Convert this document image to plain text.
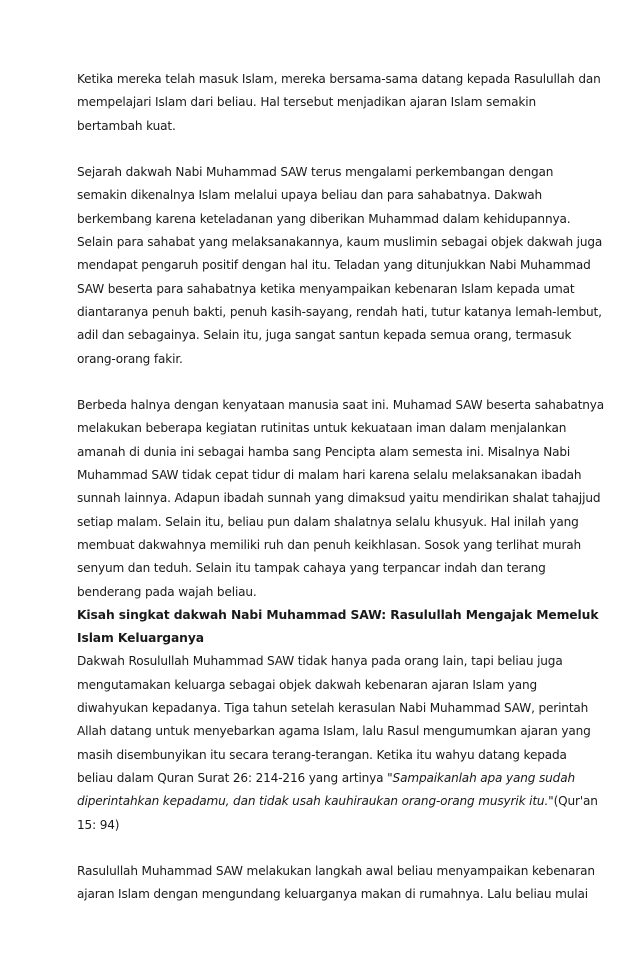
Ketika mereka telah masuk Islam, mereka bersama-sama datang kepada Rasulullah dan
mempelajari Islam dari beliau. Hal tersebut menjadikan ajaran Islam semakin
bertambah kuat.
Sejarah dakwah Nabi Muhammad SAW terus mengalami perkembangan dengan
semakin dikenalnya Islam melalui upaya beliau dan para sahabatnya. Dakwah
berkembang karena keteladanan yang diberikan Muhammad dalam kehidupannya.
Selain para sahabat yang melaksanakannya, kaum muslimin sebagai objek dakwah juga
mendapat pengaruh positif dengan hal itu. Teladan yang ditunjukkan Nabi Muhammad
SAW beserta para sahabatnya ketika menyampaikan kebenaran Islam kepada umat
diantaranya penuh bakti, penuh kasih-sayang, rendah hati, tutur katanya lemah-lembut,
adil dan sebagainya. Selain itu, juga sangat santun kepada semua orang, termasuk
orang-orang fakir.
Berbeda halnya dengan kenyataan manusia saat ini. Muhamad SAW beserta sahabatnya
melakukan beberapa kegiatan rutinitas untuk kekuataan iman dalam menjalankan
amanah di dunia ini sebagai hamba sang Pencipta alam semesta ini. Misalnya Nabi
Muhammad SAW tidak cepat tidur di malam hari karena selalu melaksanakan ibadah
sunnah lainnya. Adapun ibadah sunnah yang dimaksud yaitu mendirikan shalat tahajjud
setiap malam. Selain itu, beliau pun dalam shalatnya selalu khusyuk. Hal inilah yang
membuat dakwahnya memiliki ruh dan penuh keikhlasan. Sosok yang terlihat murah
senyum dan teduh. Selain itu tampak cahaya yang terpancar indah dan terang
benderang pada wajah beliau.
Kisah singkat dakwah Nabi Muhammad SAW: Rasulullah Mengajak Memeluk
Islam Keluarganya
Dakwah Rosulullah Muhammad SAW tidak hanya pada orang lain, tapi beliau juga
mengutamakan keluarga sebagai objek dakwah kebenaran ajaran Islam yang
diwahyukan kepadanya. Tiga tahun setelah kerasulan Nabi Muhammad SAW, perintah
Allah datang untuk menyebarkan agama Islam, lalu Rasul mengumumkan ajaran yang
masih disembunyikan itu secara terang-terangan. Ketika itu wahyu datang kepada
beliau dalam Quran Surat 26: 214-216 yang artinya "Sampaikanlah apa yang sudah
diperintahkan kepadamu, dan tidak usah kauhiraukan orang-orang musyrik itu."(Qur'an
15: 94)
Rasulullah Muhammad SAW melakukan langkah awal beliau menyampaikan kebenaran
ajaran Islam dengan mengundang keluarganya makan di rumahnya. Lalu beliau mulai
